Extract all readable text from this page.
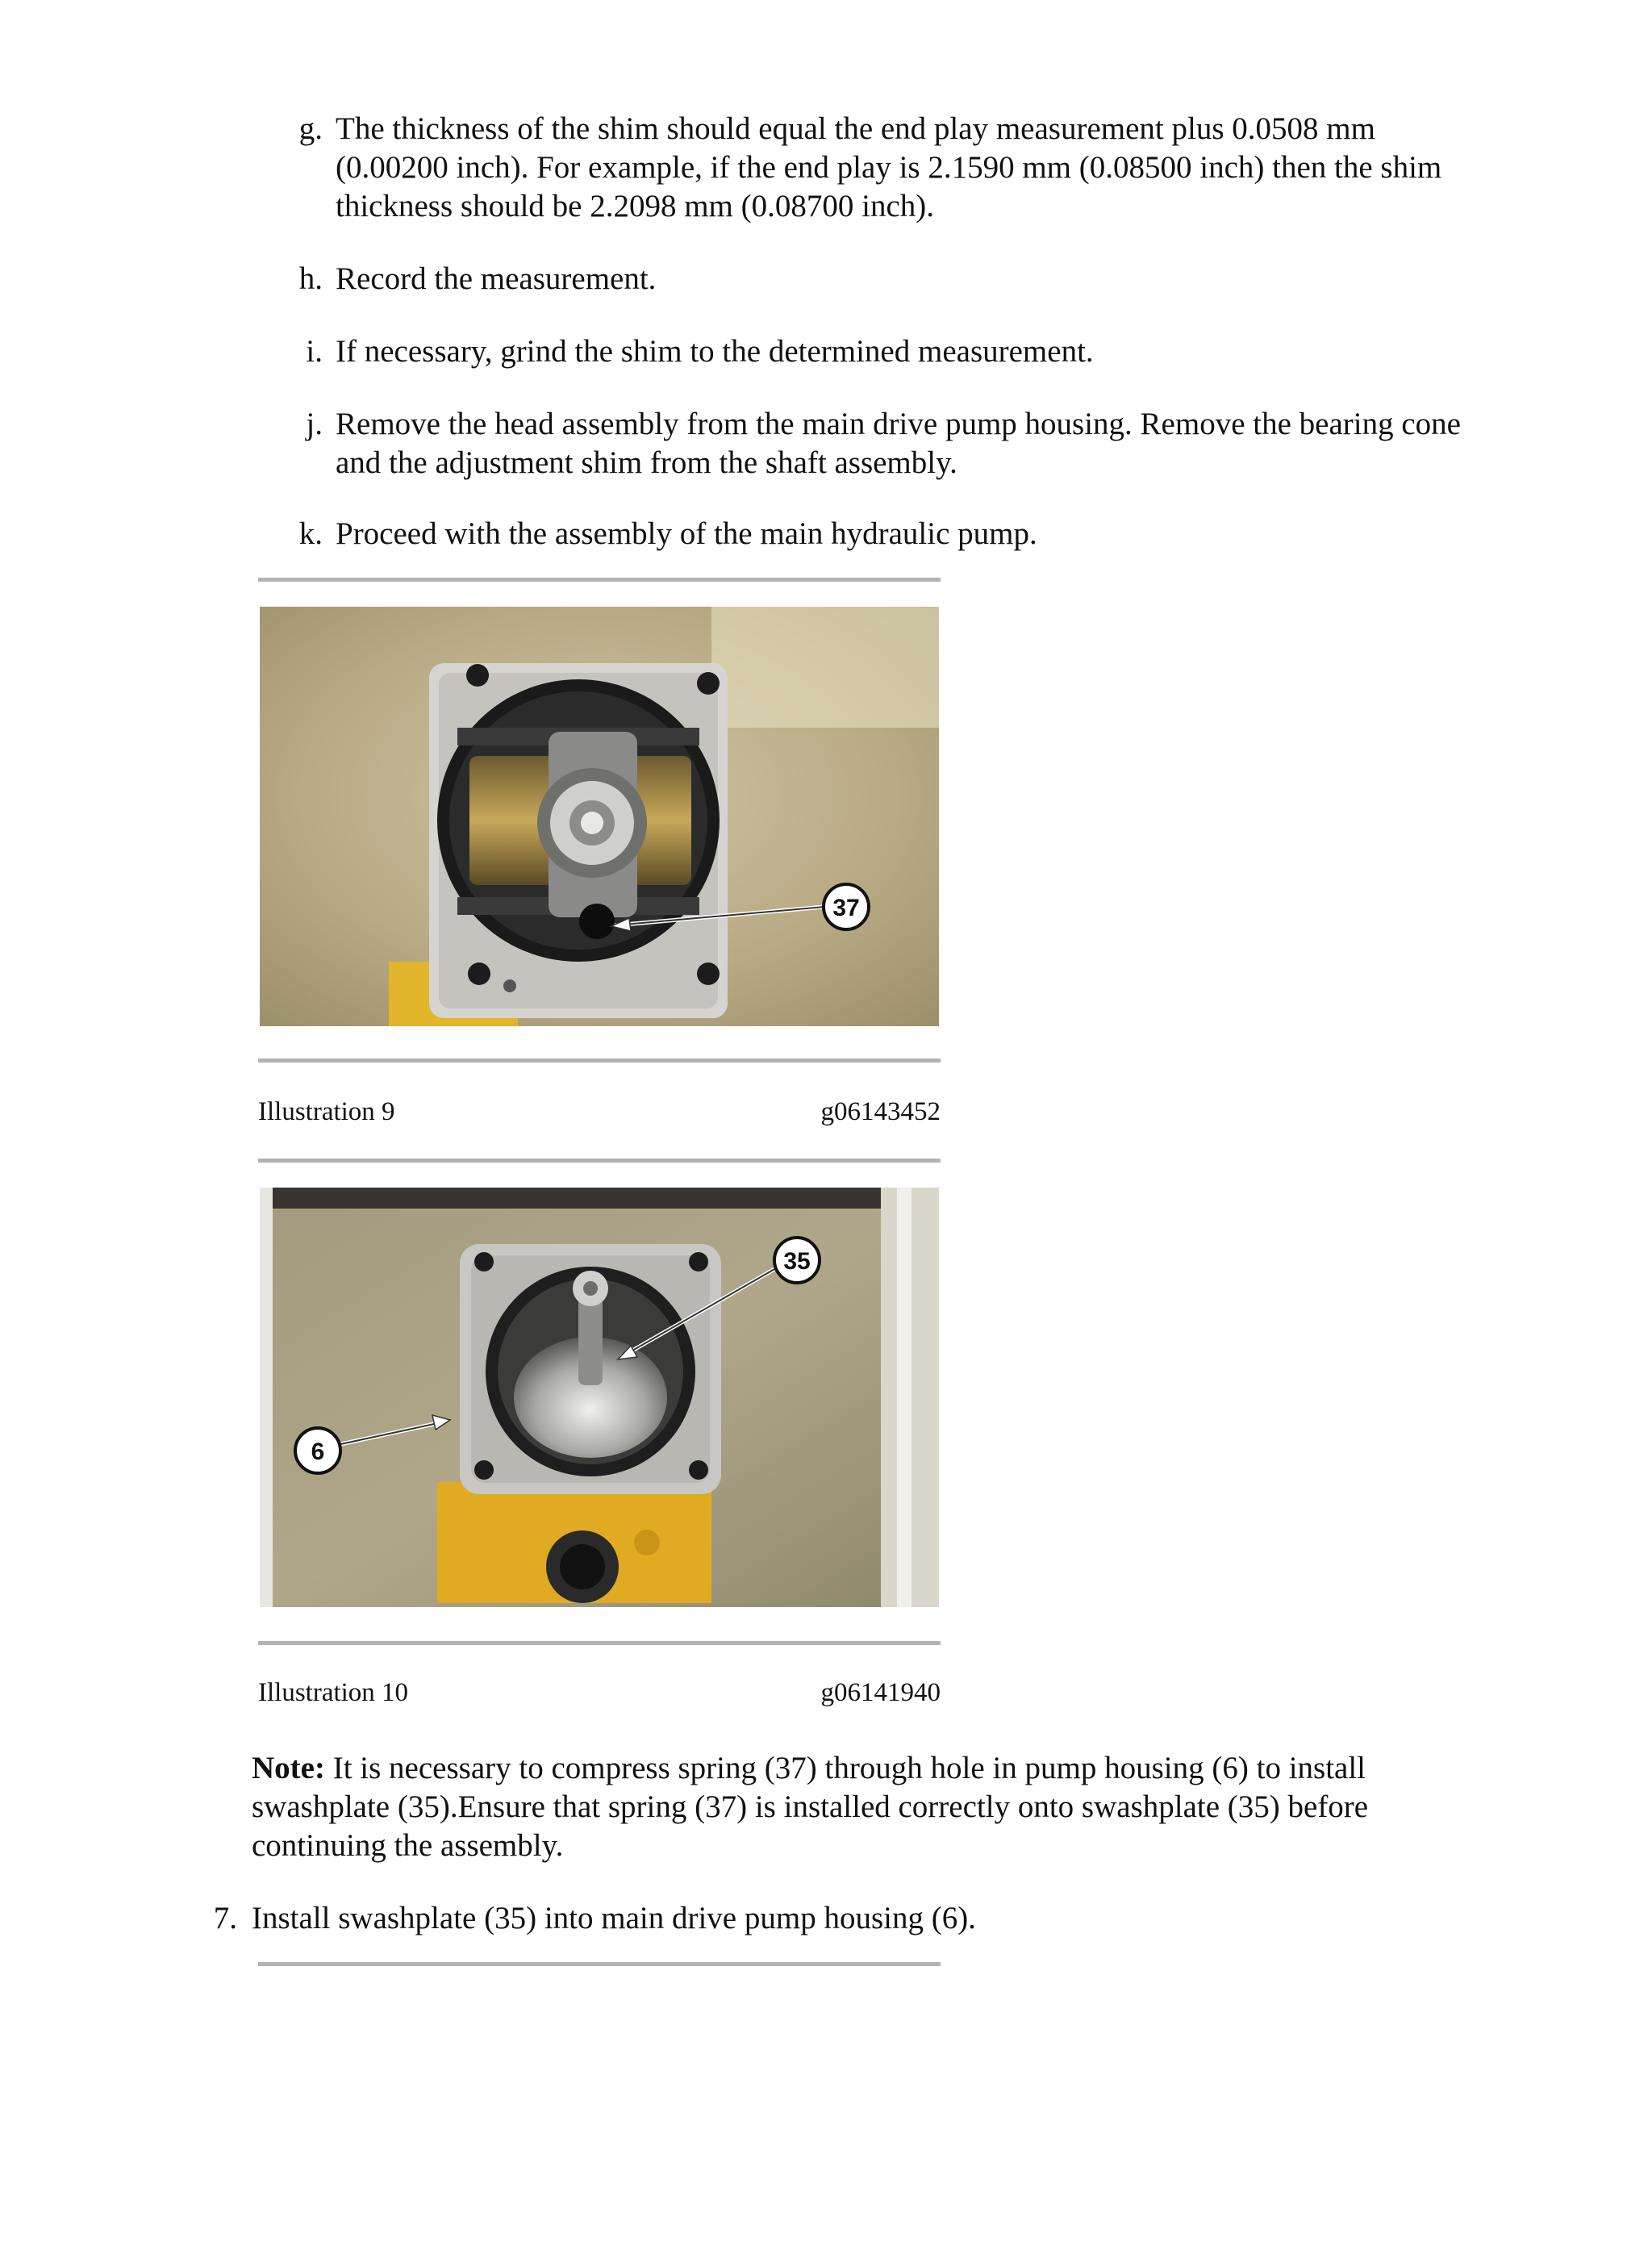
g. The thickness of the shim should equal the end play measurement plus 0.0508 mm (0.00200 inch). For example, if the end play is 2.1590 mm (0.08500 inch) then the shim thickness should be 2.2098 mm (0.08700 inch).
h. Record the measurement.
i. If necessary, grind the shim to the determined measurement.
j. Remove the head assembly from the main drive pump housing. Remove the bearing cone and the adjustment shim from the shaft assembly.
k. Proceed with the assembly of the main hydraulic pump.
37
Illustration 9	g06143452
35
6
Illustration 10	g06141940
Note: It is necessary to compress spring (37) through hole in pump housing (6) to install swashplate (35).Ensure that spring (37) is installed correctly onto swashplate (35) before continuing the assembly.
7. Install swashplate (35) into main drive pump housing (6).
